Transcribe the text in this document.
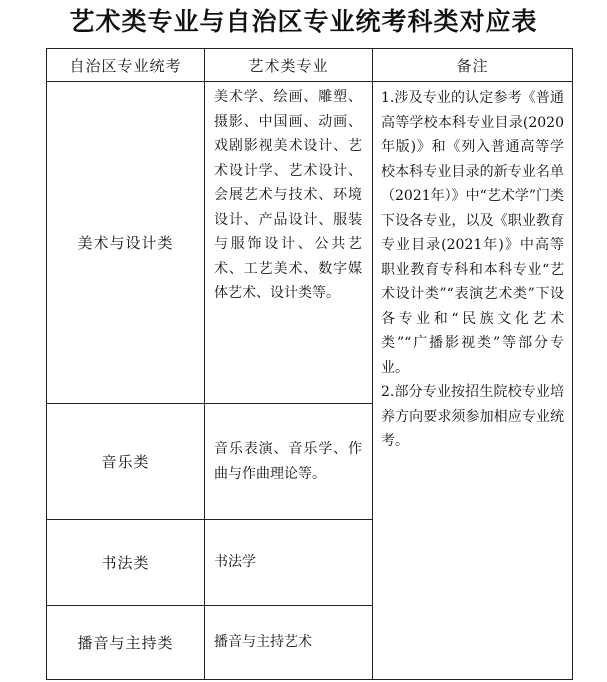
艺术类专业与自治区专业统考科类对应表
自治区专业统考	艺术类专业	备注
美术与设计类	美术学、绘画、雕塑、摄影、中国画、动画、戏剧影视美术设计、艺术设计学、艺术设计、会展艺术与技术、环境设计、产品设计、服装与服饰设计、公共艺术、工艺美术、数字媒体艺术、设计类等。	1.涉及专业的认定参考《普通高等学校本科专业目录(2020年版)》和《列入普通高等学校本科专业目录的新专业名单（2021年）》中“艺术学”门类下设各专业，以及《职业教育专业目录(2021年)》中高等职业教育专科和本科专业“艺术设计类”“表演艺术类”下设各专业和“民族文化艺术类”“广播影视类”等部分专业。

2.部分专业按招生院校专业培养方向要求须参加相应专业统考。

音乐类	音乐表演、音乐学、作曲与作曲理论等。	
书法类	书法学	
播音与主持类	播音与主持艺术	
